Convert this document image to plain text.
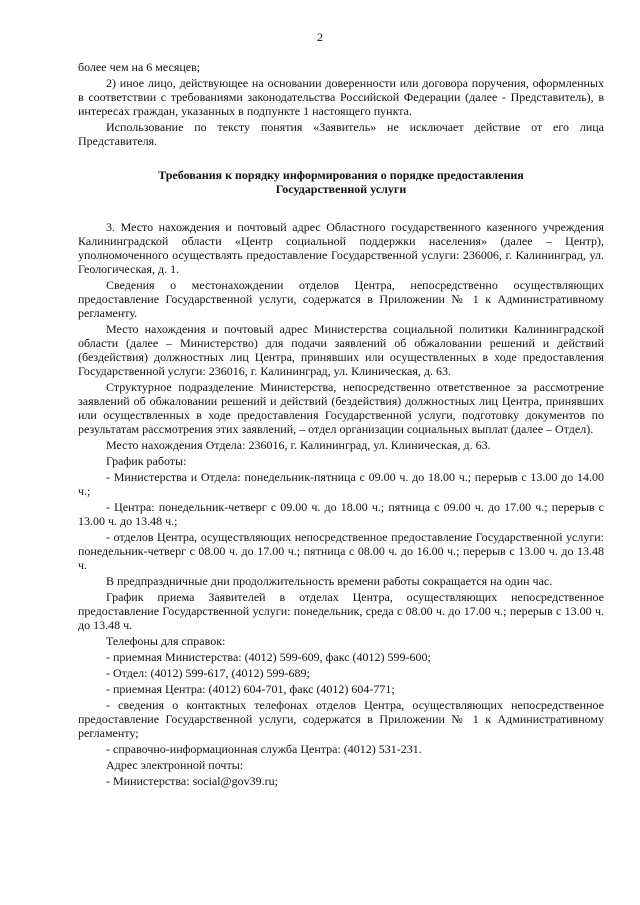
2

более чем на 6 месяцев;

2) иное лицо, действующее на основании доверенности или договора поручения, оформленных в соответствии с требованиями законодательства Российской Федерации (далее - Представитель), в интересах граждан, указанных в подпункте 1 настоящего пункта.

Использование по тексту понятия «Заявитель» не исключает действие от его лица Представителя.

Требования к порядку информирования о порядке предоставления
Государственной услуги

3. Место нахождения и почтовый адрес Областного государственного казенного учреждения Калининградской области «Центр социальной поддержки населения» (далее – Центр), уполномоченного осуществлять предоставление Государственной услуги: 236006, г. Калининград, ул. Геологическая, д. 1.

Сведения о местонахождении отделов Центра, непосредственно осуществляющих предоставление Государственной услуги, содержатся в Приложении № 1 к Административному регламенту.

Место нахождения и почтовый адрес Министерства социальной политики Калининградской области (далее – Министерство) для подачи заявлений об обжаловании решений и действий (бездействия) должностных лиц Центра, принявших или осуществленных в ходе предоставления Государственной услуги: 236016, г. Калининград, ул. Клиническая, д. 63.

Структурное подразделение Министерства, непосредственно ответственное за рассмотрение заявлений об обжаловании решений и действий (бездействия) должностных лиц Центра, принявших или осуществленных в ходе предоставления Государственной услуги, подготовку документов по результатам рассмотрения этих заявлений, – отдел организации социальных выплат (далее – Отдел).

Место нахождения Отдела: 236016, г. Калининград, ул. Клиническая, д. 63.

График работы:

- Министерства и Отдела: понедельник-пятница с 09.00 ч. до 18.00 ч.; перерыв с 13.00 до 14.00 ч.;

- Центра: понедельник-четверг с 09.00 ч. до 18.00 ч.; пятница с 09.00 ч. до 17.00 ч.; перерыв с 13.00 ч. до 13.48 ч.;

- отделов Центра, осуществляющих непосредственное предоставление Государственной услуги: понедельник-четверг с 08.00 ч. до 17.00 ч.; пятница с 08.00 ч. до 16.00 ч.; перерыв с 13.00 ч. до 13.48 ч.

В предпраздничные дни продолжительность времени работы сокращается на один час.

График приема Заявителей в отделах Центра, осуществляющих непосредственное предоставление Государственной услуги: понедельник, среда с 08.00 ч. до 17.00 ч.; перерыв с 13.00 ч. до 13.48 ч.

Телефоны для справок:

- приемная Министерства: (4012) 599-609, факс (4012) 599-600;

- Отдел: (4012) 599-617, (4012) 599-689;

- приемная Центра: (4012) 604-701, факс (4012) 604-771;

- сведения о контактных телефонах отделов Центра, осуществляющих непосредственное предоставление Государственной услуги, содержатся в Приложении № 1 к Административному регламенту;

- справочно-информационная служба Центра: (4012) 531-231.

Адрес электронной почты:

- Министерства: social@gov39.ru;
